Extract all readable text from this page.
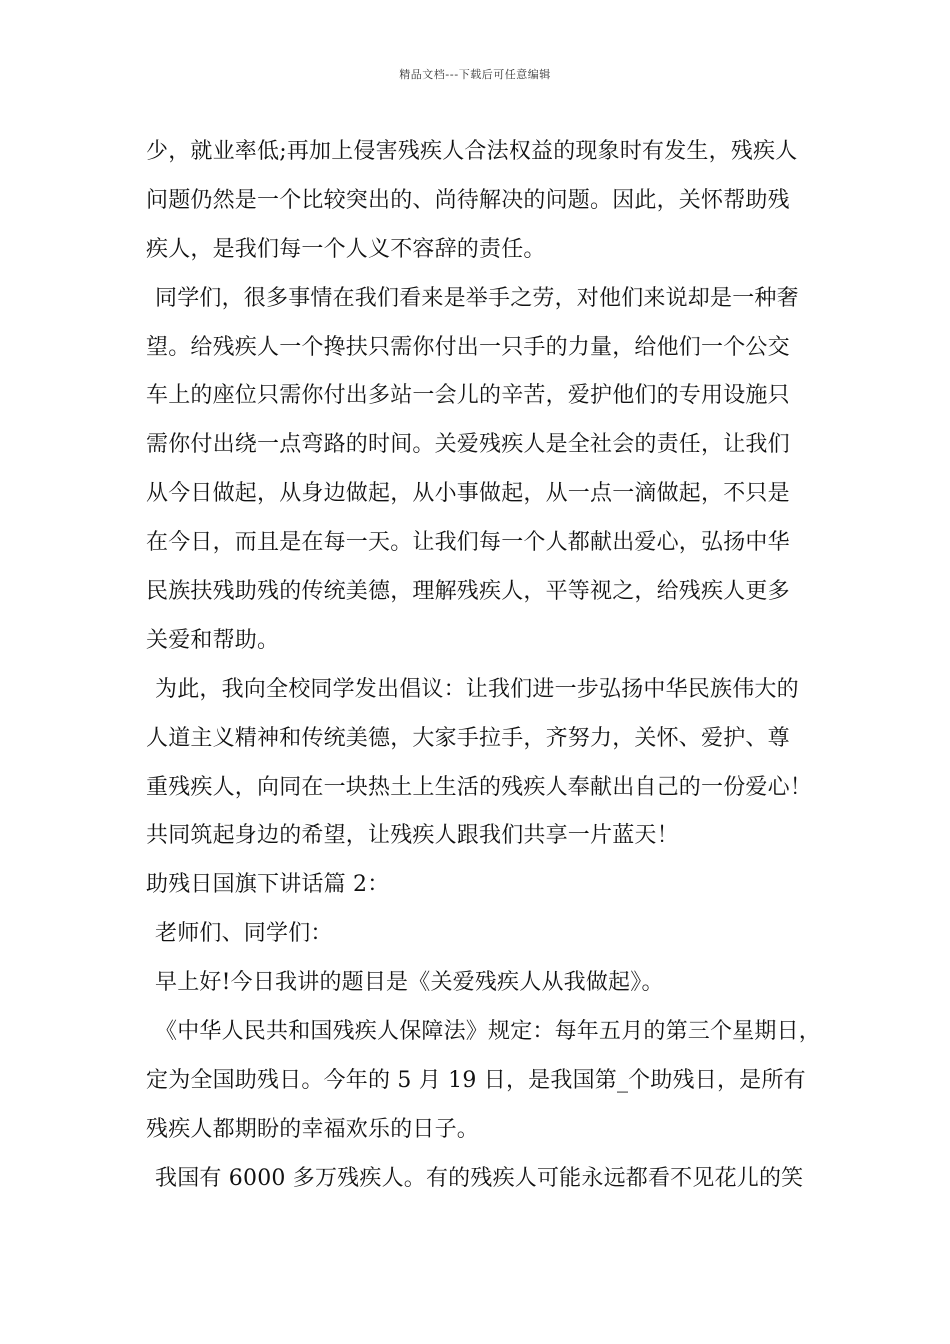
精品文档---下载后可任意编辑
少，就业率低;再加上侵害残疾人合法权益的现象时有发生，残疾人
问题仍然是一个比较突出的、尚待解决的问题。因此，关怀帮助残
疾人，是我们每一个人义不容辞的责任。
同学们，很多事情在我们看来是举手之劳，对他们来说却是一种奢
望。给残疾人一个搀扶只需你付出一只手的力量，给他们一个公交
车上的座位只需你付出多站一会儿的辛苦，爱护他们的专用设施只
需你付出绕一点弯路的时间。关爱残疾人是全社会的责任，让我们
从今日做起，从身边做起，从小事做起，从一点一滴做起，不只是
在今日，而且是在每一天。让我们每一个人都献出爱心，弘扬中华
民族扶残助残的传统美德，理解残疾人，平等视之，给残疾人更多
关爱和帮助。
为此，我向全校同学发出倡议：让我们进一步弘扬中华民族伟大的
人道主义精神和传统美德，大家手拉手，齐努力，关怀、爱护、尊
重残疾人，向同在一块热土上生活的残疾人奉献出自己的一份爱心！
共同筑起身边的希望，让残疾人跟我们共享一片蓝天！
助残日国旗下讲话篇 2：
老师们、同学们：
早上好!今日我讲的题目是《关爱残疾人从我做起》。
《中华人民共和国残疾人保障法》规定：每年五月的第三个星期日，
定为全国助残日。今年的 5 月 19 日，是我国第_个助残日，是所有
残疾人都期盼的幸福欢乐的日子。
我国有 6000 多万残疾人。有的残疾人可能永远都看不见花儿的笑
